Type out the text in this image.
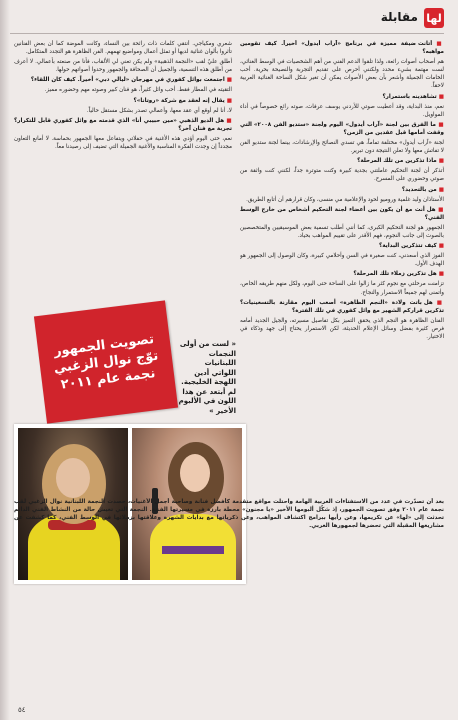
لها
مقابلة

■ أتانت ضيفة مميزة في برنامج «آراب أيدول» أخيراً. كيف تقومين مواهبه؟

هم أصحاب أصوات رائعة، ولذا تلقوا الدعم الفني من أهم الشخصيات في الوسط الغنائي، لست مهتمة بشيء محدد ولكنني أحرص على تقديم التجربة والنصيحة بحرية. أحب الخامات الجميلة وأشعر بأن بعض الأصوات يمكن أن تغير شكل الساحة الغنائية العربية لاحقاً.

■ تشاهدينه باستمرار؟

نعم، منذ البداية، وقد أعطيت صوتي للأردني يوسف عرفات، صوته رائع خصوصاً في أداء المواويل.

■ ما الفرق بين لجنة «آراب أيدول» اليوم ولجنة «ستديو الفن ٢٠٠٨» التي وقفت أمامها قبل عقدين من الزمن؟

لجنة «آراب أيدول» مختلفة تماماً، هي تسدي النصائح والإرشادات، بينما لجنة ستديو الفن لا تفاتش معها ولا تعلن النتيجة دون تبرير.

■ ماذا تذكرين من تلك المرحلة؟

أتذكر أن لجنة التحكيم عاملتني بجدية كبيرة وكنت متوترة جداً، لكنني كنت واثقة من صوتي وحضوري على المسرح.

■ من بالتحديد؟

الأستاذان وليد غلمية وروميو لحود والإعلامية مي منسى، وكان قرارهم أن أتابع الطريق.

■ هل أنت مع أن يكون بين أعضاء لجنة التحكيم أشخاص من خارج الوسط الفني؟

الجمهور هو لجنة التحكيم الكبرى، كما أنني أطلب تسمية بعض الموسيقيين والمتخصصين بالصوت إلى جانب النجوم، فهم الأقدر على تقييم المواهب بحياد.

■ كيف تتذكرين البداية؟

الفوز الذي أسعدني، كنت صغيرة في السن وأحلامي كبيرة، وكان الوصول إلى الجمهور هو الهدف الأول.

■ هل تذكرين زملاء تلك المرحلة؟

تزامنت مرحلتي مع نجوم كثر ما زالوا على الساحة حتى اليوم، ولكل منهم طريقه الخاص، وأتمنى لهم جميعاً الاستمرار والنجاح.

■ هل باتت ولادة «النجم الظاهرة» أصعب اليوم مقارنة بالتسعينيات؟ تذكرين قراركم الشهير مع وائل كفوري في تلك الفترة؟

الفنان الظاهرة هو النجم الذي يحقق التميز بكل تفاصيل مسيرته، والجيل الجديد أمامه فرص كثيرة بفضل وسائل الإعلام الحديثة، لكن الاستمرار يحتاج إلى جهد وذكاء في الاختيار.

شعري ومكياجي. أنتقي كلمات ذات رائحة بين النساء، وكانت الموضة كما أن بعض الفنانين تأثروا بألوان غنائية لديها أو تمثل أعمال ومواضيع تهمهم. الفن الظاهرة هو التجدد المتكامل.

أطلق عليّ لقب «النجمة الذهبية» ولم يكن تعني لي الألقاب، فأنا من صنعته بأعمالي. لا أعرف من أطلق هذه التسمية، والجميل أن الصحافة والجمهور وحدوا أصواتهم حولها.

■ اجتمعت بوائل كفوري في مهرجان «ليالي دبي» أخيراً. كيف كان اللقاء؟

التقيته في المطار فقط. أحب وائل كثيراً، هو فنان كبير وصوته مهم وحضوره مميز.

■ يقال إنه لعقد مع شركة «روتانا»؟

لا، أنا لم أوقع أي عقد معها، وأعمالي تصدر بشكل مستقل حالياً.

■ هل الديو الذهبي «مين حبيبي أنا» الذي قدمته مع وائل كفوري قابل للتكرار؟ تجربة مع فنان آخر؟

نعم، حتى اليوم أؤدي هذه الأغنية في حفلاتي ويتفاعل معها الجمهور بحماسة. لا أمانع التعاون مجدداً إن وجدت الفكرة المناسبة والأغنية الجميلة التي تضيف إلى رصيدنا معاً.

تصويت الجمهور توّج نوال الزغبي نجمة عام ٢٠١١
« لست من أولى النجمات اللبنانيات اللواتي أدين اللهجة الخليجية. لم أبتعد عن هذا اللون في الألبوم الأخير »

بعد أن تصدّرت في عدد من الاستفتاءات العربية الهامة واحتلت مواقع متقدمة كأفضل فنانة وصاحبة أجمل الأغنيات، حصدت النجمة اللبنانية نوال الزغبي لقب نجمة عام ٢٠١١ وفق تصويت الجمهور، إذ شكّل ألبومها الأخير «يا مجنون» محطة بارزة في مسيرتها الفنية. النجمة التي تعيش حالة من النشاط الفني الدائم تحدثت إلى «لها» عن تكريمها، وعن رأيها ببرامج اكتشاف المواهب، وعن ذكرياتها مع بدايات الشهرة وعلاقتها بزملائها في الوسط الفني، كما كشفت عن مشاريعها المقبلة التي تحضرها لجمهورها العربي.

٥٤
